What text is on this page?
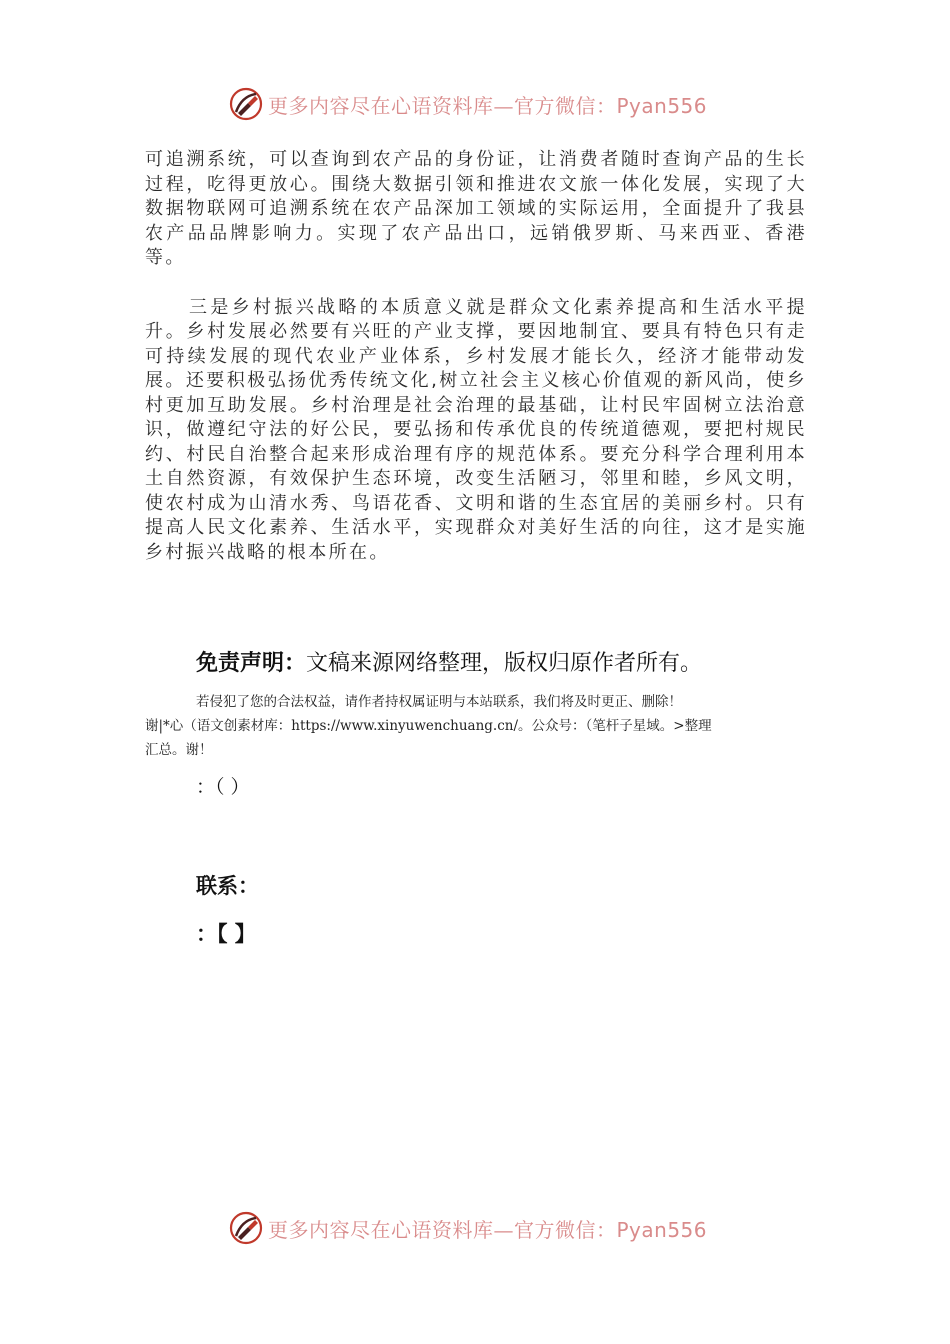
更多内容尽在心语资料库—官方微信：Pyan556

可追溯系统，可以查询到农产品的身份证，让消费者随时查询产品的生长过程，吃得更放心。围绕大数据引领和推进农文旅一体化发展，实现了大数据物联网可追溯系统在农产品深加工领域的实际运用，全面提升了我县农产品品牌影响力。实现了农产品出口，远销俄罗斯、马来西亚、香港等。

三是乡村振兴战略的本质意义就是群众文化素养提高和生活水平提升。乡村发展必然要有兴旺的产业支撑，要因地制宜、要具有特色只有走可持续发展的现代农业产业体系，乡村发展才能长久，经济才能带动发展。还要积极弘扬优秀传统文化,树立社会主义核心价值观的新风尚，使乡村更加互助发展。乡村治理是社会治理的最基础，让村民牢固树立法治意识，做遵纪守法的好公民，要弘扬和传承优良的传统道德观，要把村规民约、村民自治整合起来形成治理有序的规范体系。要充分科学合理利用本土自然资源，有效保护生态环境，改变生活陋习，邻里和睦，乡风文明，使农村成为山清水秀、鸟语花香、文明和谐的生态宜居的美丽乡村。只有提高人民文化素养、生活水平，实现群众对美好生活的向往，这才是实施乡村振兴战略的根本所在。

免责声明：文稿来源网络整理，版权归原作者所有。
若侵犯了您的合法权益，请作者持权属证明与本站联系，我们将及时更正、删除！
谢|*心（语文创素材库：https://www.xinyuwenchuang.cn/。公众号：（笔杆子星域。>整理
汇总。谢！
：（ ）
联系：
：【 】
更多内容尽在心语资料库—官方微信：Pyan556
